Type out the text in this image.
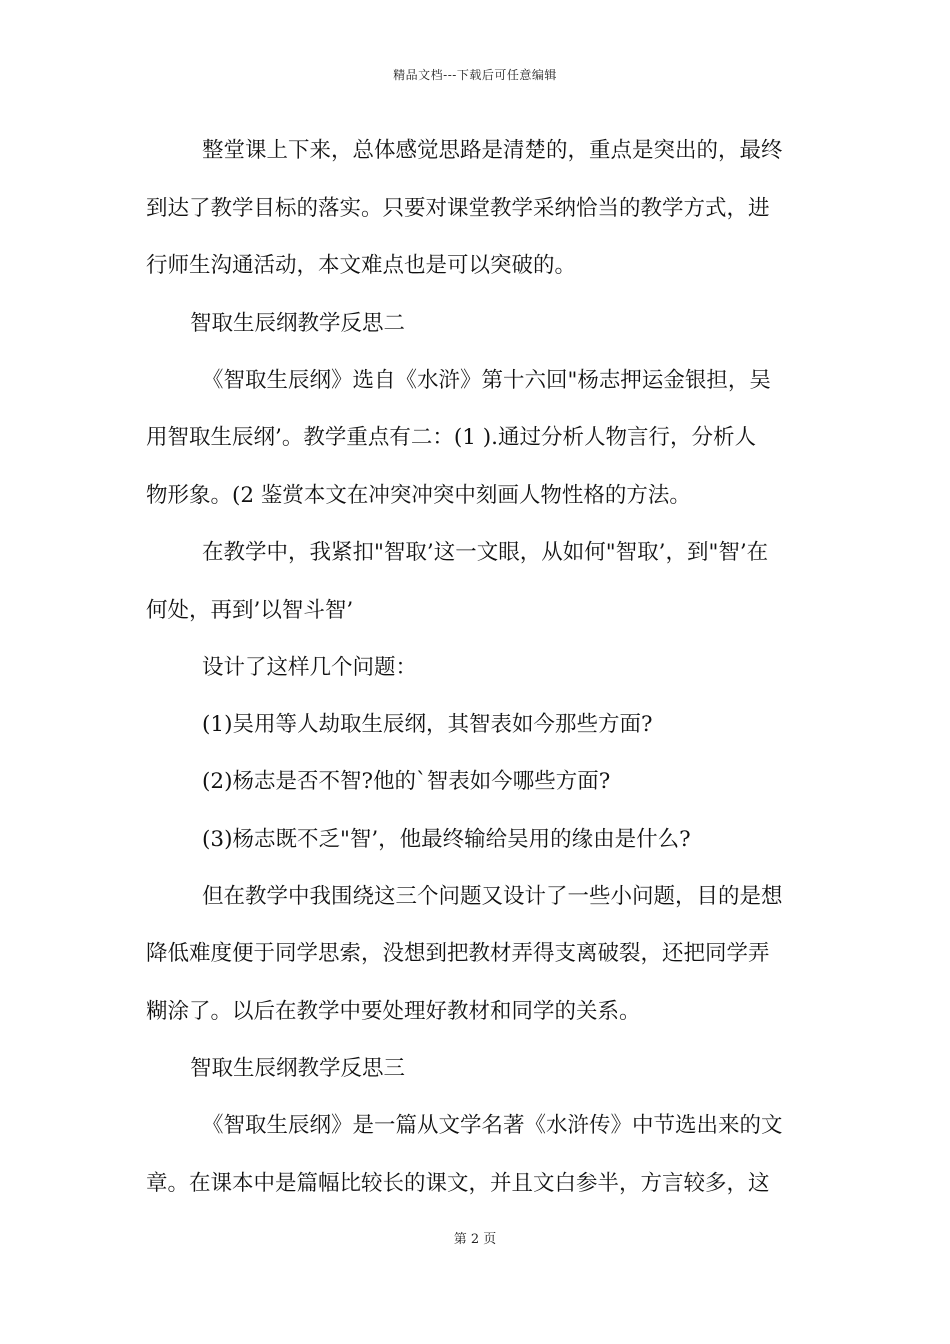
精品文档---下载后可任意编辑
整堂课上下来，总体感觉思路是清楚的，重点是突出的，最终
到达了教学目标的落实。只要对课堂教学采纳恰当的教学方式，进
行师生沟通活动，本文难点也是可以突破的。
智取生辰纲教学反思二
《智取生辰纲》选自《水浒》第十六回"杨志押运金银担，吴
用智取生辰纲’。教学重点有二：(1 ).通过分析人物言行，分析人
物形象。(2 鉴赏本文在冲突冲突中刻画人物性格的方法。
在教学中，我紧扣"智取’这一文眼，从如何"智取’，到"智’在
何处，再到’以智斗智’
设计了这样几个问题：
(1)吴用等人劫取生辰纲，其智表如今那些方面?
(2)杨志是否不智?他的`智表如今哪些方面?
(3)杨志既不乏"智’，他最终输给吴用的缘由是什么?
但在教学中我围绕这三个问题又设计了一些小问题，目的是想
降低难度便于同学思索，没想到把教材弄得支离破裂，还把同学弄
糊涂了。以后在教学中要处理好教材和同学的关系。
智取生辰纲教学反思三
《智取生辰纲》是一篇从文学名著《水浒传》中节选出来的文
章。在课本中是篇幅比较长的课文，并且文白参半，方言较多，这
第 2 页
